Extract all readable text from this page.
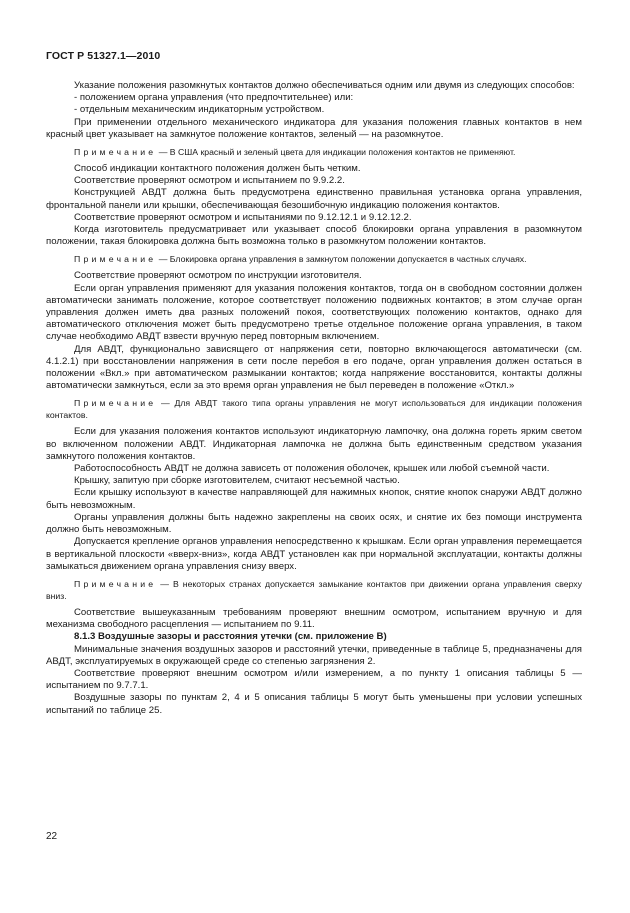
ГОСТ Р 51327.1—2010

Указание положения разомкнутых контактов должно обеспечиваться одним или двумя из следующих способов:

- положением органа управления (что предпочтительнее) или:

- отдельным механическим индикаторным устройством.

При применении отдельного механического индикатора для указания положения главных контактов в нем красный цвет указывает на замкнутое положение контактов, зеленый — на разомкнутое.

Примечание — В США красный и зеленый цвета для индикации положения контактов не применяют.

Способ индикации контактного положения должен быть четким.

Соответствие проверяют осмотром и испытанием по 9.9.2.2.

Конструкцией АВДТ должна быть предусмотрена единственно правильная установка органа управления, фронтальной панели или крышки, обеспечивающая безошибочную индикацию положения контактов.

Соответствие проверяют осмотром и испытаниями по 9.12.12.1 и 9.12.12.2.

Когда изготовитель предусматривает или указывает способ блокировки органа управления в разомкнутом положении, такая блокировка должна быть возможна только в разомкнутом положении контактов.

Примечание — Блокировка органа управления в замкнутом положении допускается в частных случаях.

Соответствие проверяют осмотром по инструкции изготовителя.

Если орган управления применяют для указания положения контактов, тогда он в свободном состоянии должен автоматически занимать положение, которое соответствует положению подвижных контактов; в этом случае орган управления должен иметь два разных положений покоя, соответствующих положению контактов, однако для автоматического отключения может быть предусмотрено третье отдельное положение органа управления, в таком случае необходимо АВДТ взвести вручную перед повторным включением.

Для АВДТ, функционально зависящего от напряжения сети, повторно включающегося автоматически (см. 4.1.2.1) при восстановлении напряжения в сети после перебоя в его подаче, орган управления должен остаться в положении «Вкл.» при автоматическом размыкании контактов; когда напряжение восстановится, контакты должны автоматически замкнуться, если за это время орган управления не был переведен в положение «Откл.»

Примечание — Для АВДТ такого типа органы управления не могут использоваться для индикации положения контактов.

Если для указания положения контактов используют индикаторную лампочку, она должна гореть ярким светом во включенном положении АВДТ. Индикаторная лампочка не должна быть единственным средством указания замкнутого положения контактов.

Работоспособность АВДТ не должна зависеть от положения оболочек, крышек или любой съемной части.

Крышку, запитую при сборке изготовителем, считают несъемной частью.

Если крышку используют в качестве направляющей для нажимных кнопок, снятие кнопок снаружи АВДТ должно быть невозможным.

Органы управления должны быть надежно закреплены на своих осях, и снятие их без помощи инструмента должно быть невозможным.

Допускается крепление органов управления непосредственно к крышкам. Если орган управления перемещается в вертикальной плоскости «вверх-вниз», когда АВДТ установлен как при нормальной эксплуатации, контакты должны замыкаться движением органа управления снизу вверх.

Примечание — В некоторых странах допускается замыкание контактов при движении органа управления сверху вниз.

Соответствие вышеуказанным требованиям проверяют внешним осмотром, испытанием вручную и для механизма свободного расцепления — испытанием по 9.11.

8.1.3 Воздушные зазоры и расстояния утечки (см. приложение В)

Минимальные значения воздушных зазоров и расстояний утечки, приведенные в таблице 5, предназначены для АВДТ, эксплуатируемых в окружающей среде со степенью загрязнения 2.

Соответствие проверяют внешним осмотром и/или измерением, а по пункту 1 описания таблицы 5 — испытанием по 9.7.7.1.

Воздушные зазоры по пунктам 2, 4 и 5 описания таблицы 5 могут быть уменьшены при условии успешных испытаний по таблице 25.

22
